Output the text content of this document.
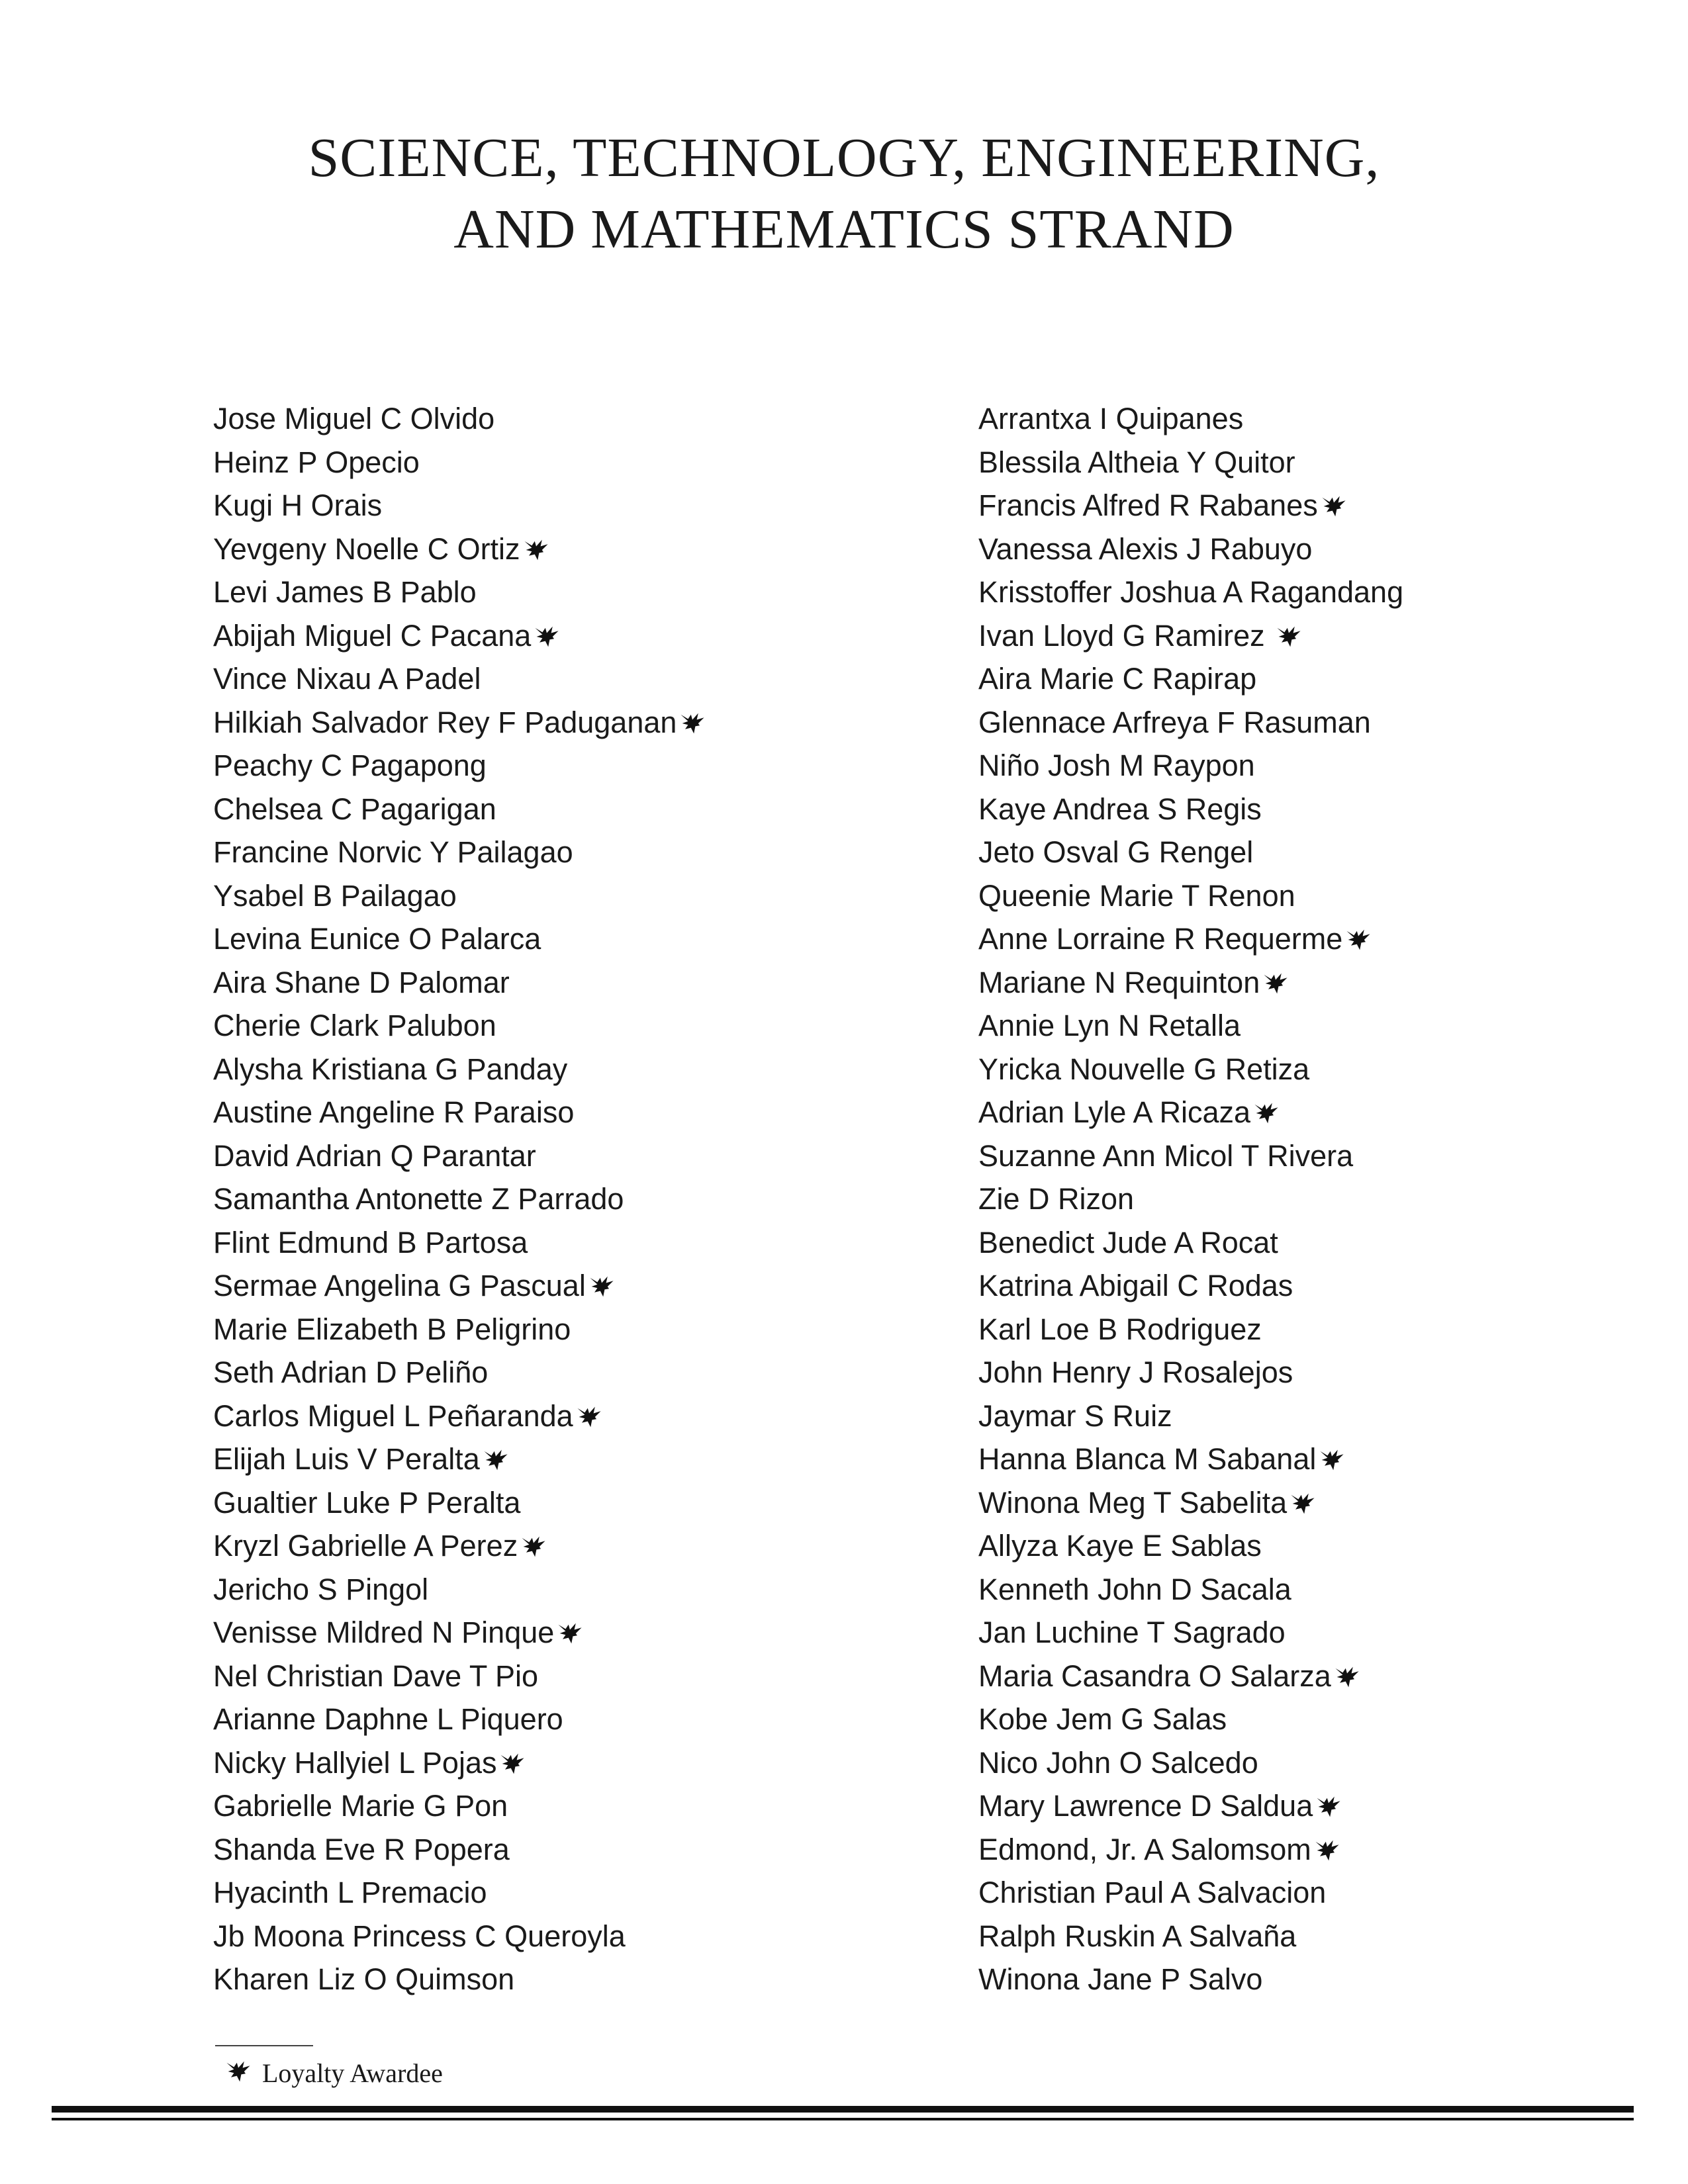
SCIENCE, TECHNOLOGY, ENGINEERING,
AND MATHEMATICS STRAND
Jose Miguel C Olvido
Heinz P Opecio
Kugi H Orais
Yevgeny Noelle C Ortiz
Levi James B Pablo
Abijah Miguel C Pacana
Vince Nixau A Padel
Hilkiah Salvador Rey F Paduganan
Peachy C Pagapong
Chelsea C Pagarigan
Francine Norvic Y Pailagao
Ysabel B Pailagao
Levina Eunice O Palarca
Aira Shane D Palomar
Cherie Clark Palubon
Alysha Kristiana G Panday
Austine Angeline R Paraiso
David Adrian Q Parantar
Samantha Antonette Z Parrado
Flint Edmund B Partosa
Sermae Angelina G Pascual
Marie Elizabeth B Peligrino
Seth Adrian D Peliño
Carlos Miguel L Peñaranda
Elijah Luis V Peralta
Gualtier Luke P Peralta
Kryzl Gabrielle A Perez
Jericho S Pingol
Venisse Mildred N Pinque
Nel Christian Dave T Pio
Arianne Daphne L Piquero
Nicky Hallyiel L Pojas
Gabrielle Marie G Pon
Shanda Eve R Popera
Hyacinth L Premacio
Jb Moona Princess C Queroyla
Kharen Liz O Quimson
Arrantxa I Quipanes
Blessila Altheia Y Quitor
Francis Alfred R Rabanes
Vanessa Alexis J Rabuyo
Krisstoffer Joshua A Ragandang
Ivan Lloyd G Ramirez
Aira Marie C Rapirap
Glennace Arfreya F Rasuman
Niño Josh M Raypon
Kaye Andrea S Regis
Jeto Osval G Rengel
Queenie Marie T Renon
Anne Lorraine R Requerme
Mariane N Requinton
Annie Lyn N Retalla
Yricka Nouvelle G Retiza
Adrian Lyle A Ricaza
Suzanne Ann Micol T Rivera
Zie D Rizon
Benedict Jude A Rocat
Katrina Abigail C Rodas
Karl Loe B Rodriguez
John Henry J Rosalejos
Jaymar S Ruiz
Hanna Blanca M Sabanal
Winona Meg T Sabelita
Allyza Kaye E Sablas
Kenneth John D Sacala
Jan Luchine T Sagrado
Maria Casandra O Salarza
Kobe Jem G Salas
Nico John O Salcedo
Mary Lawrence D Saldua
Edmond, Jr. A Salomsom
Christian Paul A Salvacion
Ralph Ruskin A Salvaña
Winona Jane P Salvo
Loyalty Awardee
